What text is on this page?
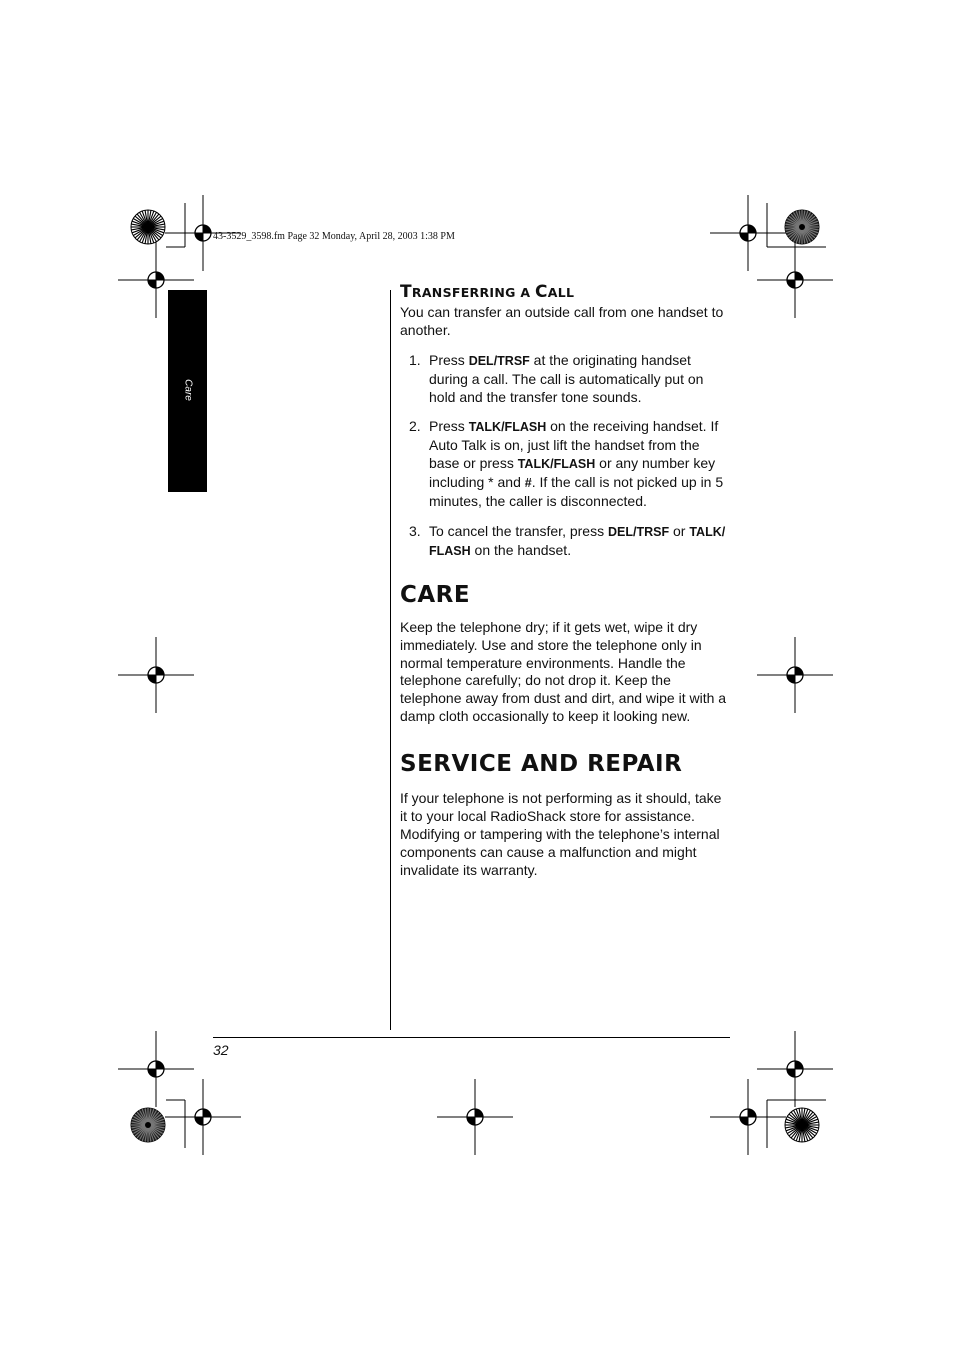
43-3529_3598.fm Page 32 Monday, April 28, 2003 1:38 PM
Care
TRANSFERRING A CALL

You can transfer an outside call from one handset to another.

1. Press DEL/TRSF at the originating handset during a call. The call is automatically put on hold and the transfer tone sounds.
2. Press TALK/FLASH on the receiving handset. If Auto Talk is on, just lift the handset from the base or press TALK/FLASH or any number key including * and #. If the call is not picked up in 5 minutes, the caller is disconnected.
3. To cancel the transfer, press DEL/TRSF or TALK/ FLASH on the handset.
CARE

Keep the telephone dry; if it gets wet, wipe it dry immediately. Use and store the telephone only in normal temperature environments. Handle the telephone carefully; do not drop it. Keep the telephone away from dust and dirt, and wipe it with a damp cloth occasionally to keep it looking new.

SERVICE AND REPAIR

If your telephone is not performing as it should, take it to your local RadioShack store for assistance. Modifying or tampering with the telephone’s internal components can cause a malfunction and might invalidate its warranty.

32
